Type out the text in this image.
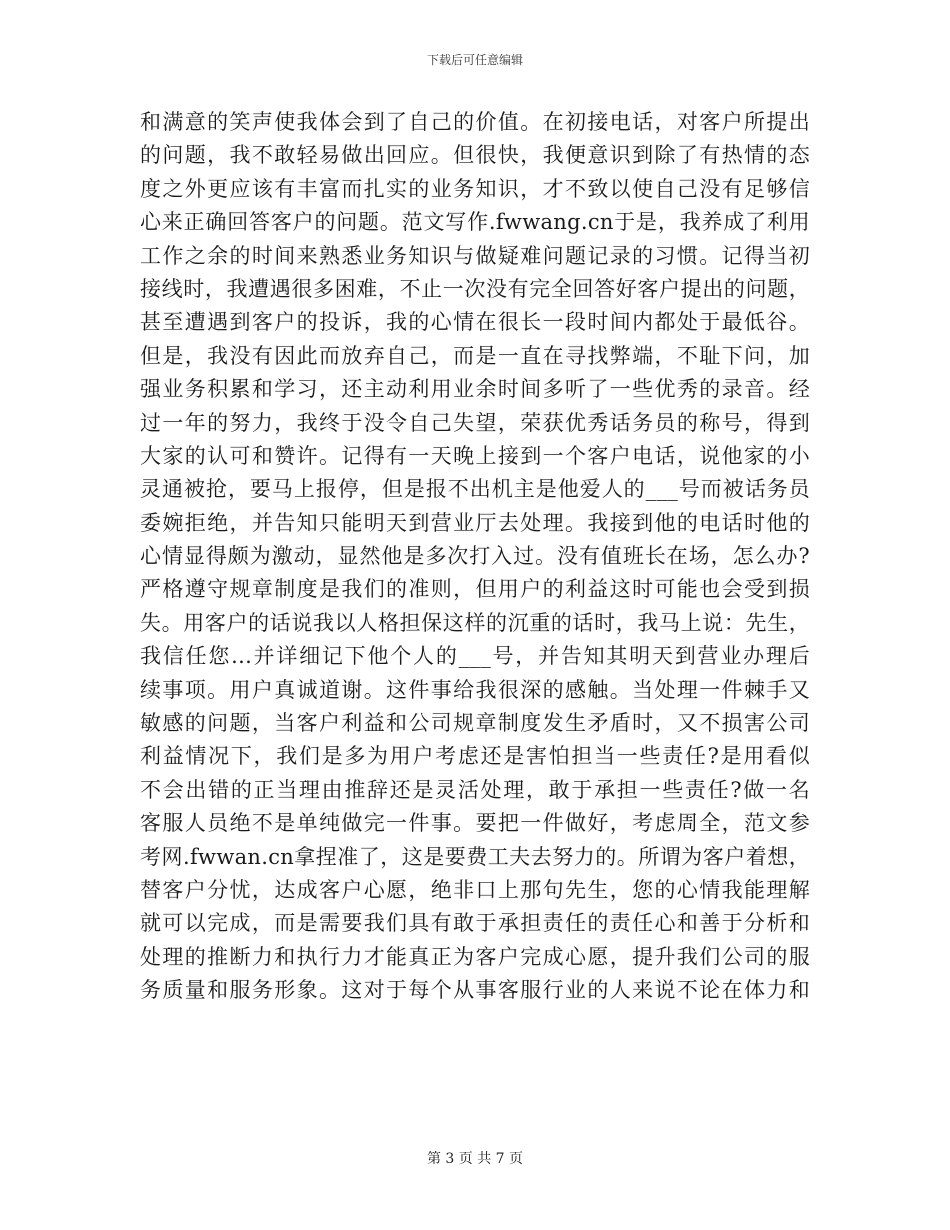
下载后可任意编辑
和满意的笑声使我体会到了自己的价值。在初接电话，对客户所提出
的问题，我不敢轻易做出回应。但很快，我便意识到除了有热情的态
度之外更应该有丰富而扎实的业务知识，才不致以使自己没有足够信
心来正确回答客户的问题。范文写作.fwwang.cn于是，我养成了利用
工作之余的时间来熟悉业务知识与做疑难问题记录的习惯。记得当初
接线时，我遭遇很多困难，不止一次没有完全回答好客户提出的问题，
甚至遭遇到客户的投诉，我的心情在很长一段时间内都处于最低谷。
但是，我没有因此而放弃自己，而是一直在寻找弊端，不耻下问，加
强业务积累和学习，还主动利用业余时间多听了一些优秀的录音。经
过一年的努力，我终于没令自己失望，荣获优秀话务员的称号，得到
大家的认可和赞许。记得有一天晚上接到一个客户电话，说他家的小
灵通被抢，要马上报停，但是报不出机主是他爱人的___号而被话务员
委婉拒绝，并告知只能明天到营业厅去处理。我接到他的电话时他的
心情显得颇为激动，显然他是多次打入过。没有值班长在场，怎么办?
严格遵守规章制度是我们的准则，但用户的利益这时可能也会受到损
失。用客户的话说我以人格担保这样的沉重的话时，我马上说：先生，
我信任您...并详细记下他个人的___号，并告知其明天到营业办理后
续事项。用户真诚道谢。这件事给我很深的感触。当处理一件棘手又
敏感的问题，当客户利益和公司规章制度发生矛盾时，又不损害公司
利益情况下，我们是多为用户考虑还是害怕担当一些责任?是用看似
不会出错的正当理由推辞还是灵活处理，敢于承担一些责任?做一名
客服人员绝不是单纯做完一件事。要把一件做好，考虑周全，范文参
考网.fwwan.cn拿捏准了，这是要费工夫去努力的。所谓为客户着想，
替客户分忧，达成客户心愿，绝非口上那句先生，您的心情我能理解
就可以完成，而是需要我们具有敢于承担责任的责任心和善于分析和
处理的推断力和执行力才能真正为客户完成心愿，提升我们公司的服
务质量和服务形象。这对于每个从事客服行业的人来说不论在体力和
第 3 页 共 7 页
